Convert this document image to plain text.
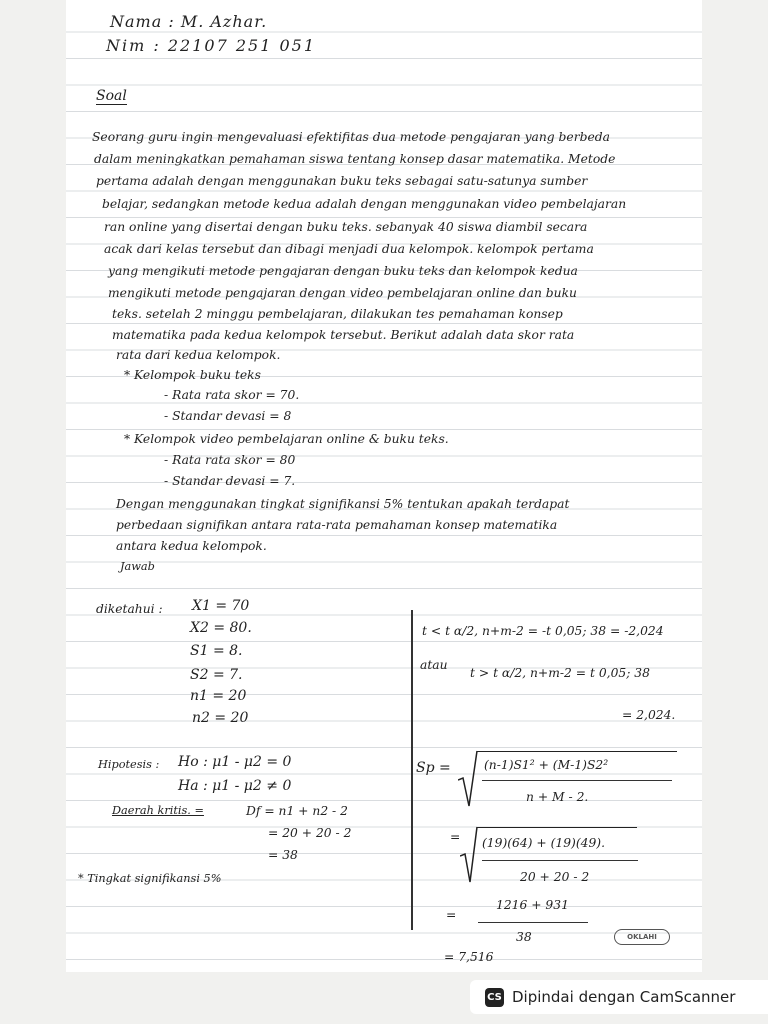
Nama : M. Azhar.
Nim : 22107 251 051
Soal
Seorang guru ingin mengevaluasi efektifitas dua metode pengajaran yang berbeda
dalam meningkatkan pemahaman siswa tentang konsep dasar matematika. Metode
pertama adalah dengan menggunakan buku teks sebagai satu-satunya sumber
belajar, sedangkan metode kedua adalah dengan menggunakan video pembelajaran
ran online yang disertai dengan buku teks. sebanyak 40 siswa diambil secara
acak dari kelas tersebut dan dibagi menjadi dua kelompok. kelompok pertama
yang mengikuti metode pengajaran dengan buku teks dan kelompok kedua
mengikuti metode pengajaran dengan video pembelajaran online dan buku
teks. setelah 2 minggu pembelajaran, dilakukan tes pemahaman konsep
matematika pada kedua kelompok tersebut. Berikut adalah data skor rata
rata dari kedua kelompok.
* Kelompok buku teks
- Rata rata skor = 70.
- Standar devasi = 8
* Kelompok video pembelajaran online & buku teks.
- Rata rata skor = 80
- Standar devasi = 7.
Dengan menggunakan tingkat signifikansi 5% tentukan apakah terdapat
perbedaan signifikan antara rata-rata pemahaman konsep matematika
antara kedua kelompok.
Jawab
diketahui : X1 = 70
X2 = 80.
S1 = 8.
S2 = 7.
n1 = 20
n2 = 20
t < t α/2, n+m-2 = -t 0,05; 38 = -2,024
atau
t > t α/2, n+m-2 = t 0,05; 38
= 2,024.
Hipotesis : Ho : μ1 - μ2 = 0
Ha : μ1 - μ2 ≠ 0
Daerah kritis. =	Df = n1 + n2 - 2
= 20 + 20 - 2
= 38
* Tingkat signifikansi 5%
Sp =	(n-1)S1² + (M-1)S2²
n + M - 2.
= (19)(64) + (19)(49).
20 + 20 - 2
=
1216 + 931
38
= 7,516
OKLAHI
CS Dipindai dengan CamScanner
